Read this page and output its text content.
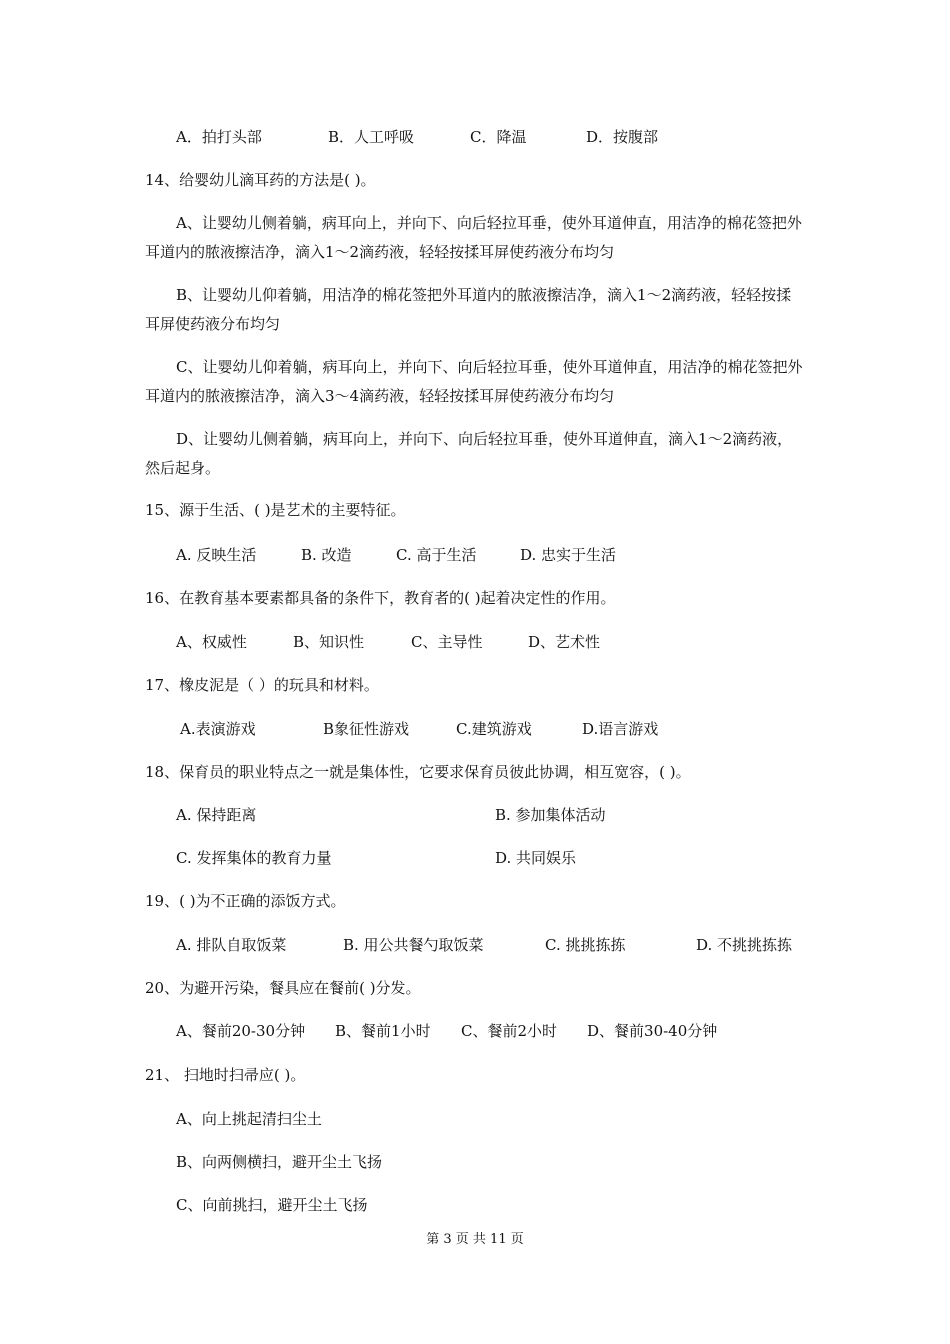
A．拍打头部	B．人工呼吸	C．降温	D．按腹部
14、给婴幼儿滴耳药的方法是( )。
A、让婴幼儿侧着躺，病耳向上，并向下、向后轻拉耳垂，使外耳道伸直，用洁净的棉花签把外耳道内的脓液擦洁净，滴入1～2滴药液，轻轻按揉耳屏使药液分布均匀
B、让婴幼儿仰着躺，用洁净的棉花签把外耳道内的脓液擦洁净，滴入1～2滴药液，轻轻按揉耳屏使药液分布均匀
C、让婴幼儿仰着躺，病耳向上，并向下、向后轻拉耳垂，使外耳道伸直，用洁净的棉花签把外耳道内的脓液擦洁净，滴入3～4滴药液，轻轻按揉耳屏使药液分布均匀
D、让婴幼儿侧着躺，病耳向上，并向下、向后轻拉耳垂，使外耳道伸直，滴入1～2滴药液，然后起身。
15、源于生活、( )是艺术的主要特征。
A. 反映生活	B. 改造	C. 高于生活	D. 忠实于生活
16、在教育基本要素都具备的条件下，教育者的( )起着决定性的作用。
A、权威性	B、知识性	C、主导性	D、艺术性
17、橡皮泥是（ ）的玩具和材料。
A.表演游戏	B象征性游戏	C.建筑游戏	D.语言游戏
18、保育员的职业特点之一就是集体性，它要求保育员彼此协调，相互宽容，( )。
A. 保持距离	B. 参加集体活动
C. 发挥集体的教育力量	D. 共同娱乐
19、( )为不正确的添饭方式。
A. 排队自取饭菜	B. 用公共餐勺取饭菜	C. 挑挑拣拣	D. 不挑挑拣拣
20、为避开污染，餐具应在餐前( )分发。
A、餐前20-30分钟 B、餐前1小时 C、餐前2小时 D、餐前30-40分钟
21、 扫地时扫帚应( )。
A、向上挑起清扫尘土
B、向两侧横扫，避开尘土飞扬
C、向前挑扫，避开尘土飞扬
第 3 页 共 11 页
